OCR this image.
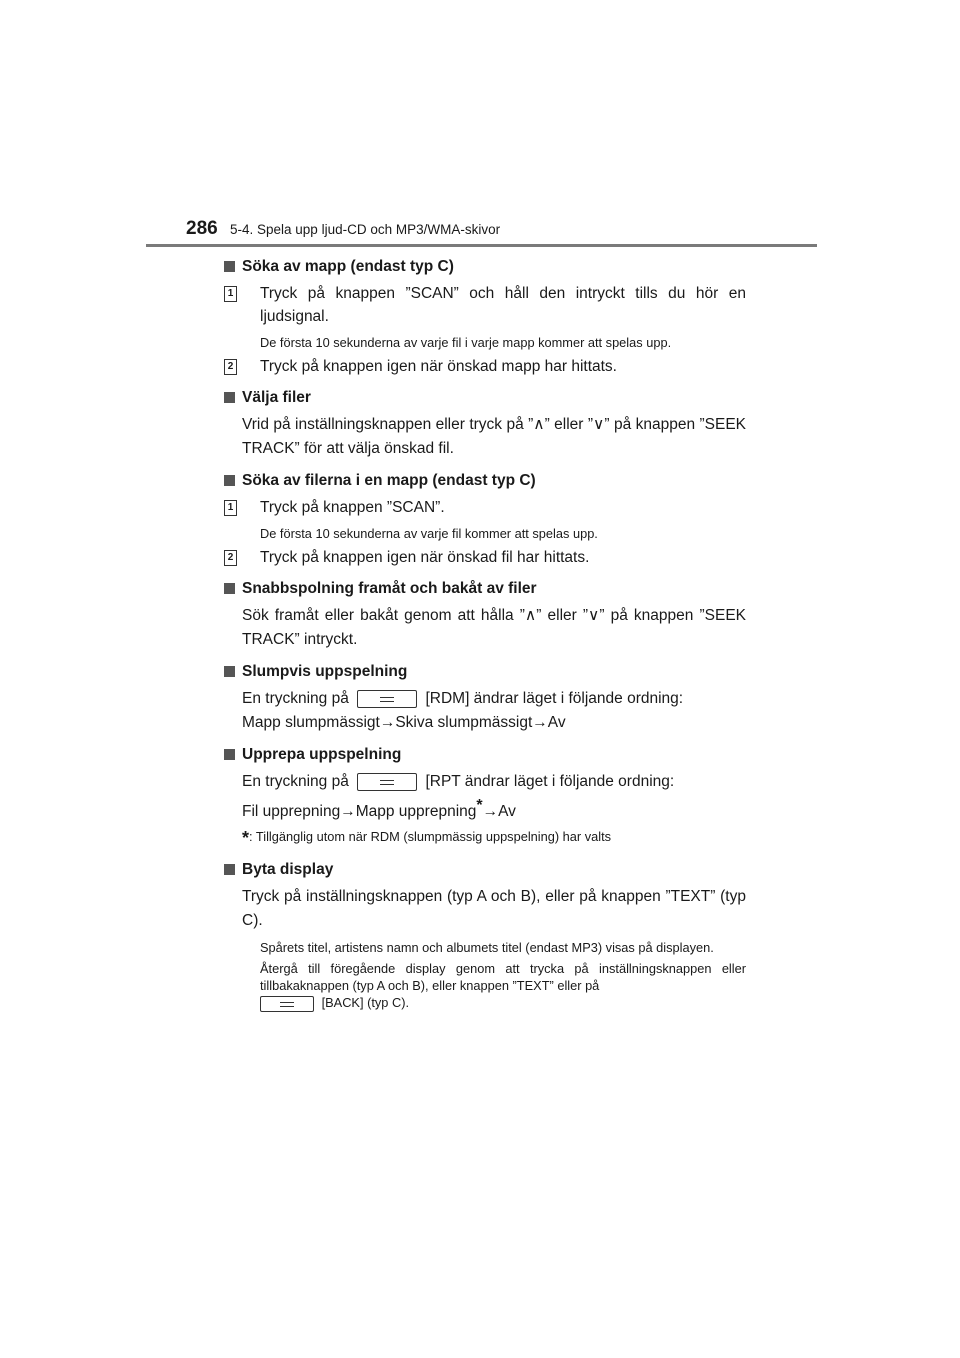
286 5-4. Spela upp ljud-CD och MP3/WMA-skivor
Söka av mapp (endast typ C)
1 Tryck på knappen ”SCAN” och håll den intryckt tills du hör en ljudsignal.
De första 10 sekunderna av varje fil i varje mapp kommer att spelas upp.
2 Tryck på knappen igen när önskad mapp har hittats.
Välja filer
Vrid på inställningsknappen eller tryck på ”∧” eller ”∨” på knappen ”SEEK TRACK” för att välja önskad fil.
Söka av filerna i en mapp (endast typ C)
1 Tryck på knappen ”SCAN”.
De första 10 sekunderna av varje fil kommer att spelas upp.
2 Tryck på knappen igen när önskad fil har hittats.
Snabbspolning framåt och bakåt av filer
Sök framåt eller bakåt genom att hålla ”∧” eller ”∨” på knappen ”SEEK TRACK” intryckt.
Slumpvis uppspelning
En tryckning på	[RDM] ändrar läget i följande ordning:
Mapp slumpmässigt→Skiva slumpmässigt→Av
Upprepa uppspelning
En tryckning på	[RPT ändrar läget i följande ordning:
Fil upprepning→Mapp upprepning*→Av
*: Tillgänglig utom när RDM (slumpmässig uppspelning) har valts
Byta display
Tryck på inställningsknappen (typ A och B), eller på knappen ”TEXT” (typ C).
Spårets titel, artistens namn och albumets titel (endast MP3) visas på displayen.
Återgå till föregående display genom att trycka på inställningsknappen eller tillbakaknappen (typ A och B), eller knappen ”TEXT” eller på

[BACK] (typ C).
